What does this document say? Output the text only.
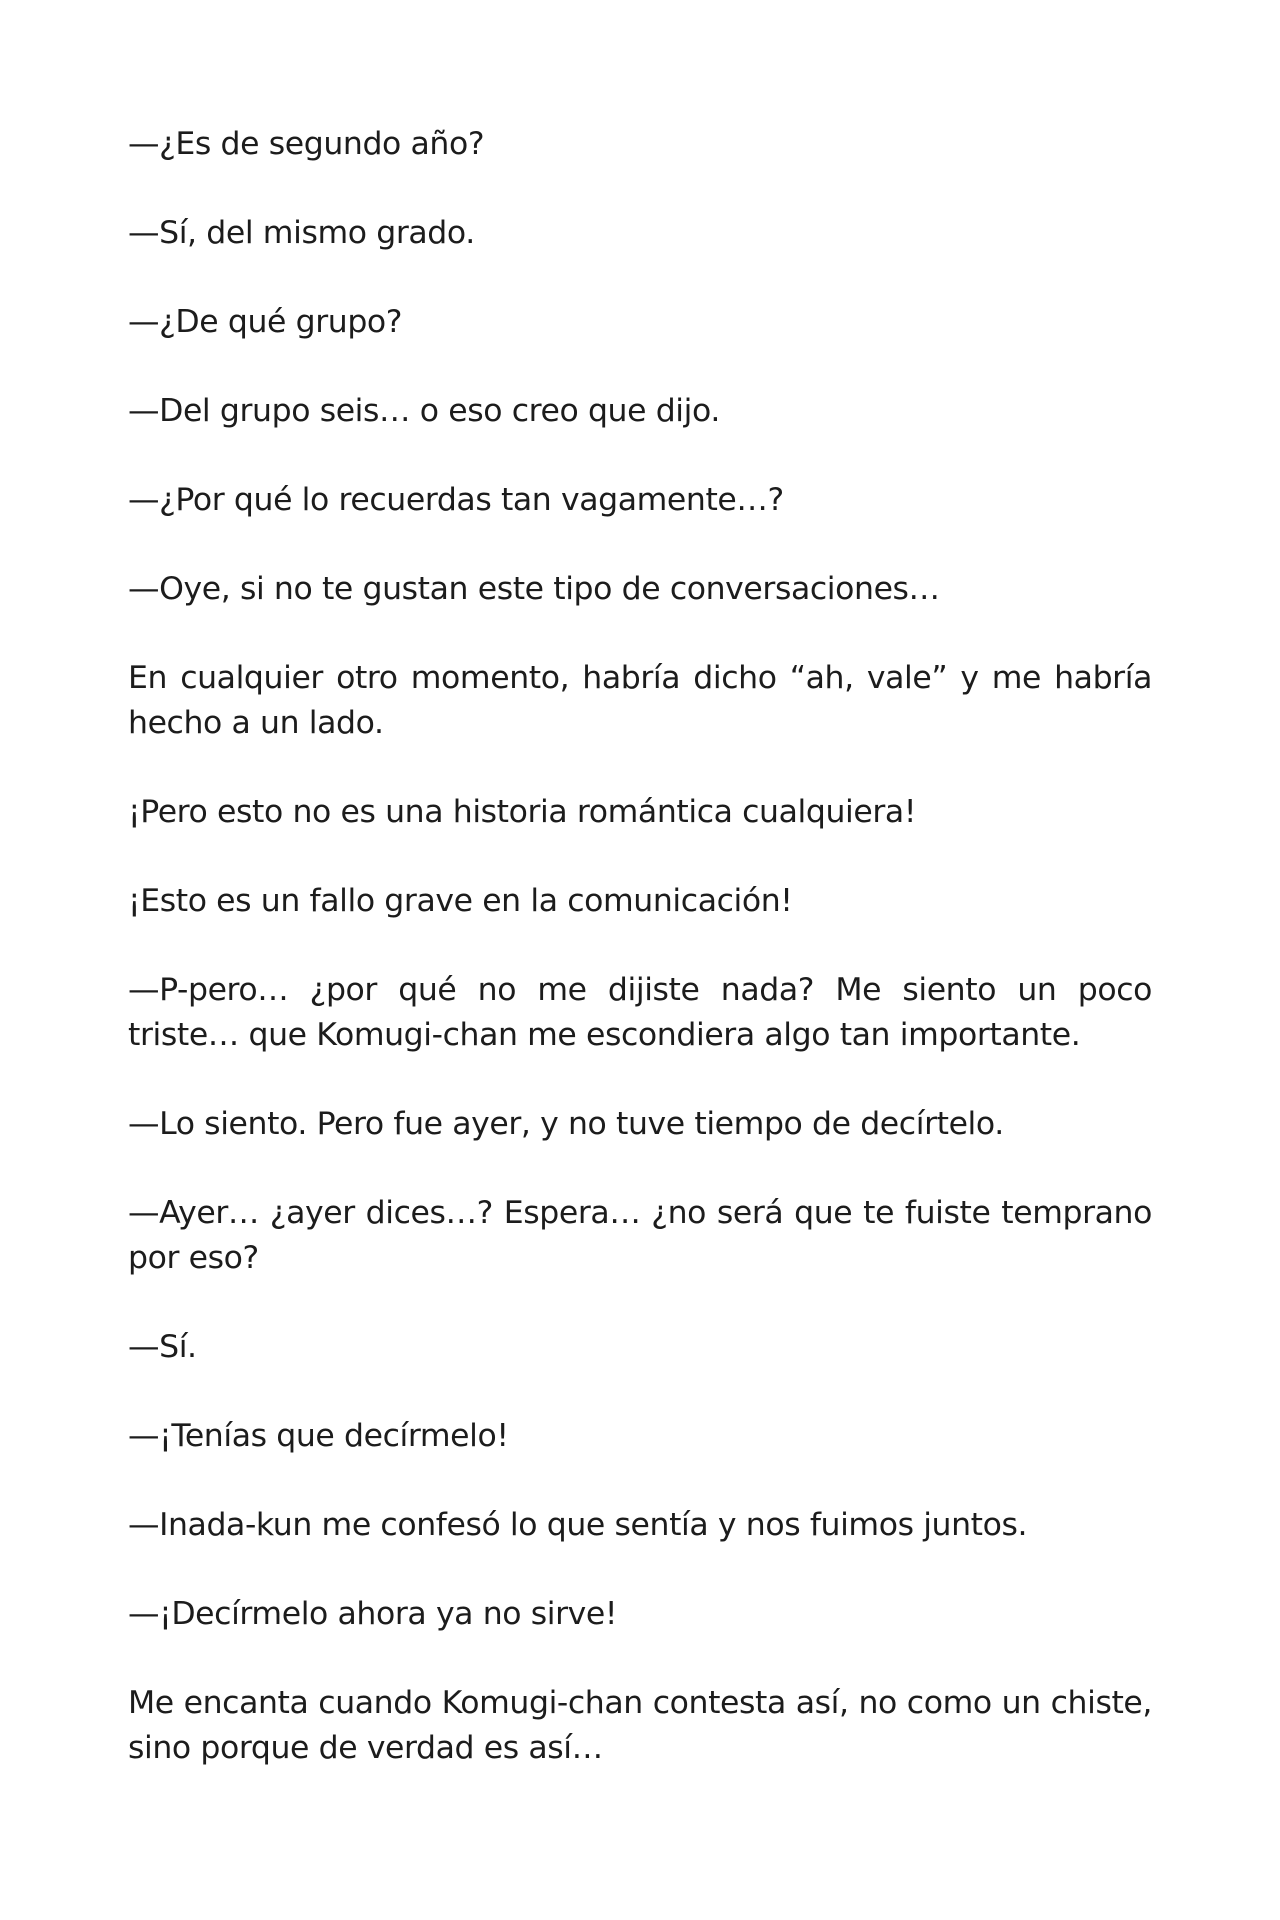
—¿Es de segundo año?

—Sí, del mismo grado.

—¿De qué grupo?

—Del grupo seis… o eso creo que dijo.

—¿Por qué lo recuerdas tan vagamente…?

—Oye, si no te gustan este tipo de conversaciones…

En cualquier otro momento, habría dicho “ah, vale” y me habría hecho a un lado.

¡Pero esto no es una historia romántica cualquiera!

¡Esto es un fallo grave en la comunicación!

—P-pero… ¿por qué no me dijiste nada? Me siento un poco triste… que Komugi-chan me escondiera algo tan importante.

—Lo siento. Pero fue ayer, y no tuve tiempo de decírtelo.

—Ayer… ¿ayer dices…? Espera… ¿no será que te fuiste temprano por eso?

—Sí.

—¡Tenías que decírmelo!

—Inada-kun me confesó lo que sentía y nos fuimos juntos.

—¡Decírmelo ahora ya no sirve!

Me encanta cuando Komugi-chan contesta así, no como un chiste, sino porque de verdad es así…
